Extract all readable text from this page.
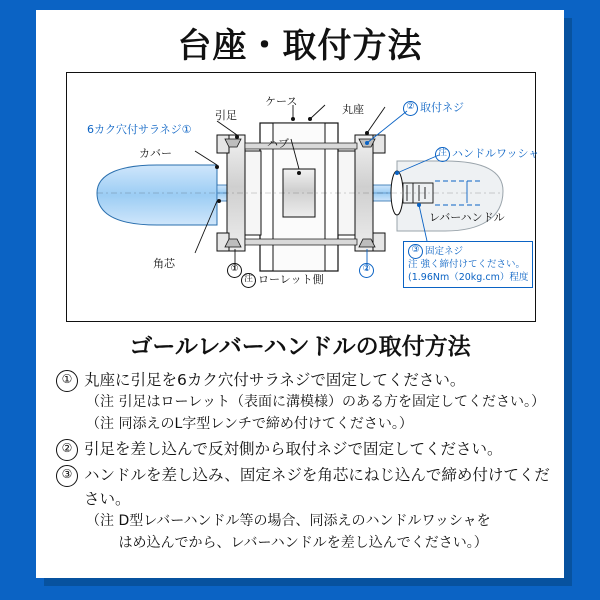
台座・取付方法
引足
ケース
丸座
ハブ
6カク穴付サラネジ①
カバー
角芯
注 ローレット側
② 取付ネジ
注 ハンドルワッシャ
レバーハンドル
③ 固定ネジ
注 強く締付けてください。
(1.96Nm（20kg.cm）程度
①	②
ゴールレバーハンドルの取付方法
① 丸座に引足を6カク穴付サラネジで固定してください。
（注 引足はローレット（表面に溝模様）のある方を固定してください。）
（注 同添えのL字型レンチで締め付けてください。）
② 引足を差し込んで反対側から取付ネジで固定してください。
③ ハンドルを差し込み、固定ネジを角芯にねじ込んで締め付けてください。
（注 D型レバーハンドル等の場合、同添えのハンドルワッシャを
　　 はめ込んでから、レバーハンドルを差し込んでください。）
